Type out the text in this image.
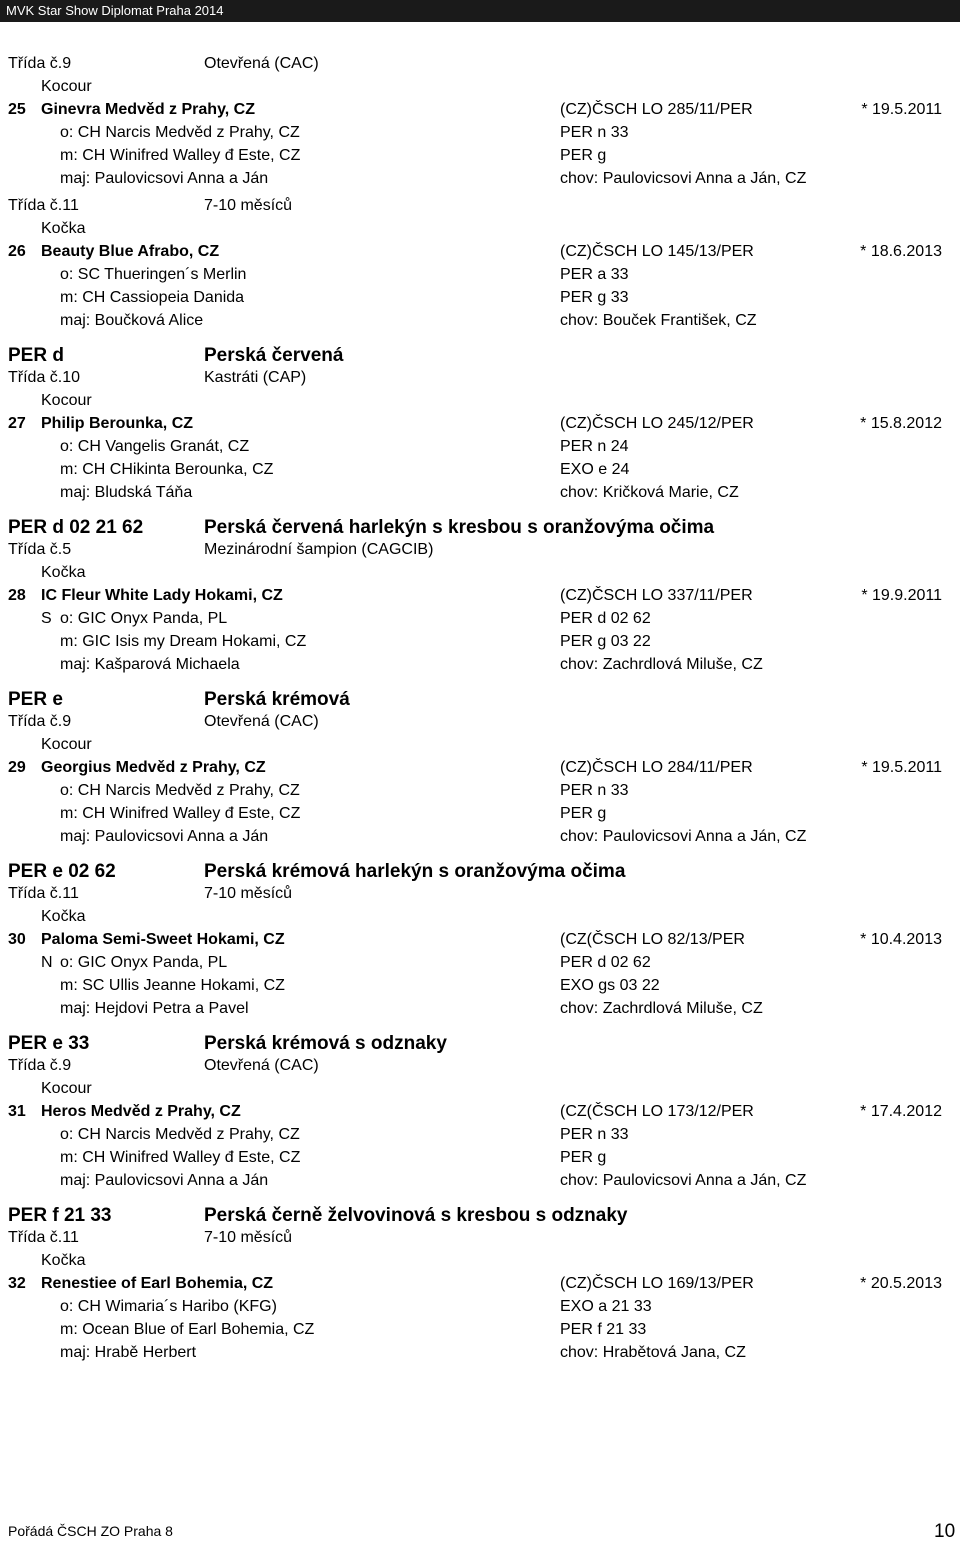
MVK Star Show Diplomat Praha 2014
Třída č.9	Otevřená (CAC)
Kocour
25 Ginevra Medvěd z Prahy, CZ	(CZ)ČSCH LO 285/11/PER	* 19.5.2011
o: CH Narcis Medvěd z Prahy, CZ	PER n 33
m: CH Winifred Walley đ Este, CZ	PER g
maj: Paulovicsovi Anna a Ján	chov: Paulovicsovi Anna a Ján, CZ
Třída č.11	7-10 měsíců
Kočka
26 Beauty Blue Afrabo, CZ	(CZ)ČSCH LO 145/13/PER	* 18.6.2013
o: SC Thueringen´s Merlin	PER a 33
m: CH Cassiopeia Danida	PER g 33
maj: Boučková Alice	chov: Bouček František, CZ
PER d	Perská červená
Třída č.10	Kastráti (CAP)
Kocour
27 Philip Berounka, CZ	(CZ)ČSCH LO 245/12/PER	* 15.8.2012
o: CH Vangelis Granát, CZ	PER n 24
m: CH CHikinta Berounka, CZ	EXO e 24
maj: Bludská Táňa	chov: Kričková Marie, CZ
PER d 02 21 62	Perská červená harlekýn s kresbou s oranžovýma očima
Třída č.5	Mezinárodní šampion (CAGCIB)
Kočka
28 IC Fleur White Lady Hokami, CZ	(CZ)ČSCH LO 337/11/PER	* 19.9.2011
S o: GIC Onyx Panda, PL	PER d 02 62
m: GIC Isis my Dream Hokami, CZ	PER g 03 22
maj: Kašparová Michaela	chov: Zachrdlová Miluše, CZ
PER e	Perská krémová
Třída č.9	Otevřená (CAC)
Kocour
29 Georgius Medvěd z Prahy, CZ	(CZ)ČSCH LO 284/11/PER	* 19.5.2011
o: CH Narcis Medvěd z Prahy, CZ	PER n 33
m: CH Winifred Walley đ Este, CZ	PER g
maj: Paulovicsovi Anna a Ján	chov: Paulovicsovi Anna a Ján, CZ
PER e 02 62	Perská krémová harlekýn s oranžovýma očima
Třída č.11	7-10 měsíců
Kočka
30 Paloma Semi-Sweet Hokami, CZ	(CZ(ČSCH LO 82/13/PER	* 10.4.2013
N o: GIC Onyx Panda, PL	PER d 02 62
m: SC Ullis Jeanne Hokami, CZ	EXO gs 03 22
maj: Hejdovi Petra a Pavel	chov: Zachrdlová Miluše, CZ
PER e 33	Perská krémová s odznaky
Třída č.9	Otevřená (CAC)
Kocour
31 Heros Medvěd z Prahy, CZ	(CZ(ČSCH LO 173/12/PER	* 17.4.2012
o: CH Narcis Medvěd z Prahy, CZ	PER n 33
m: CH Winifred Walley đ Este, CZ	PER g
maj: Paulovicsovi Anna a Ján	chov: Paulovicsovi Anna a Ján, CZ
PER f 21 33	Perská černě želvovinová s kresbou s odznaky
Třída č.11	7-10 měsíců
Kočka
32 Renestiee of Earl Bohemia, CZ	(CZ)ČSCH LO 169/13/PER	* 20.5.2013
o: CH Wimaria´s Haribo (KFG)	EXO a 21 33
m: Ocean Blue of Earl Bohemia, CZ	PER f 21 33
maj: Hrabě Herbert	chov: Hrabětová Jana, CZ
Pořádá ČSCH ZO Praha 8	10
